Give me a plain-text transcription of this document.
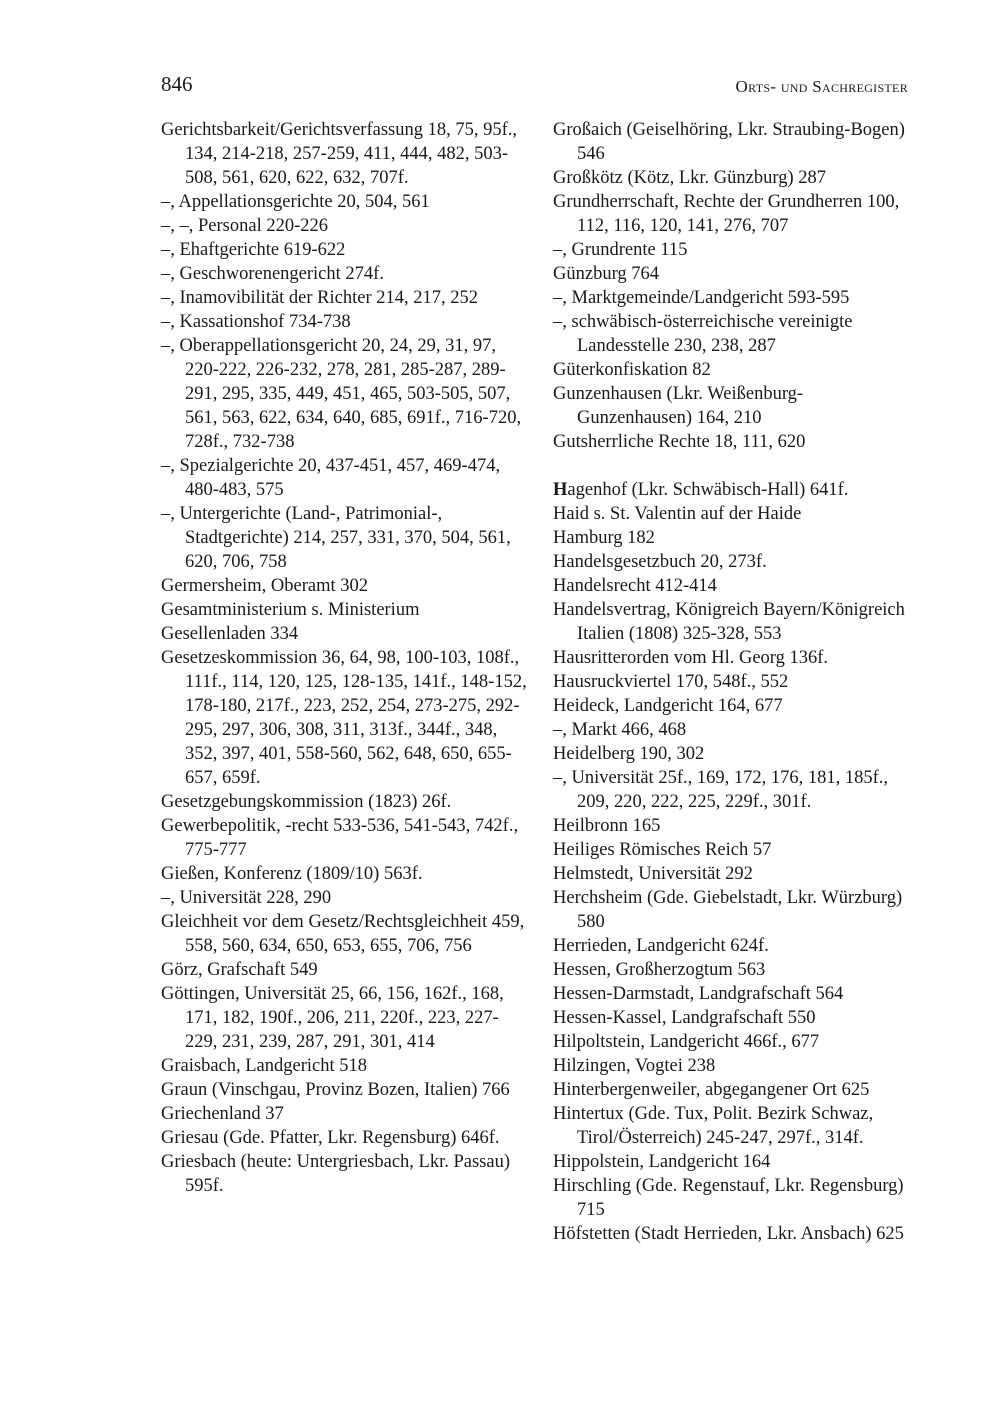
846	Orts- und Sachregister

Gerichtsbarkeit/Gerichtsverfassung 18, 75, 95f., 134, 214-218, 257-259, 411, 444, 482, 503-508, 561, 620, 622, 632, 707f.

–, Appellationsgerichte 20, 504, 561

–, –, Personal 220-226

–, Ehaftgerichte 619-622

–, Geschworenengericht 274f.

–, Inamovibilität der Richter 214, 217, 252

–, Kassationshof 734-738

–, Oberappellationsgericht 20, 24, 29, 31, 97, 220-222, 226-232, 278, 281, 285-287, 289-291, 295, 335, 449, 451, 465, 503-505, 507, 561, 563, 622, 634, 640, 685, 691f., 716-720, 728f., 732-738

–, Spezialgerichte 20, 437-451, 457, 469-474, 480-483, 575

–, Untergerichte (Land-, Patrimonial-, Stadtgerichte) 214, 257, 331, 370, 504, 561, 620, 706, 758

Germersheim, Oberamt 302

Gesamtministerium s. Ministerium

Gesellenladen 334

Gesetzeskommission 36, 64, 98, 100-103, 108f., 111f., 114, 120, 125, 128-135, 141f., 148-152, 178-180, 217f., 223, 252, 254, 273-275, 292-295, 297, 306, 308, 311, 313f., 344f., 348, 352, 397, 401, 558-560, 562, 648, 650, 655-657, 659f.

Gesetzgebungskommission (1823) 26f.

Gewerbepolitik, -recht 533-536, 541-543, 742f., 775-777

Gießen, Konferenz (1809/10) 563f.

–, Universität 228, 290

Gleichheit vor dem Gesetz/Rechtsgleichheit 459, 558, 560, 634, 650, 653, 655, 706, 756

Görz, Grafschaft 549

Göttingen, Universität 25, 66, 156, 162f., 168, 171, 182, 190f., 206, 211, 220f., 223, 227-229, 231, 239, 287, 291, 301, 414

Graisbach, Landgericht 518

Graun (Vinschgau, Provinz Bozen, Italien) 766

Griechenland 37

Griesau (Gde. Pfatter, Lkr. Regensburg) 646f.

Griesbach (heute: Untergriesbach, Lkr. Passau) 595f.

Großaich (Geiselhöring, Lkr. Straubing-Bogen) 546

Großkötz (Kötz, Lkr. Günzburg) 287

Grundherrschaft, Rechte der Grundherren 100, 112, 116, 120, 141, 276, 707

–, Grundrente 115

Günzburg 764

–, Marktgemeinde/Landgericht 593-595

–, schwäbisch-österreichische vereinigte Landesstelle 230, 238, 287

Güterkonfiskation 82

Gunzenhausen (Lkr. Weißenburg-Gunzenhausen) 164, 210

Gutsherrliche Rechte 18, 111, 620

Hagenhof (Lkr. Schwäbisch-Hall) 641f.

Haid s. St. Valentin auf der Haide

Hamburg 182

Handelsgesetzbuch 20, 273f.

Handelsrecht 412-414

Handelsvertrag, Königreich Bayern/Königreich Italien (1808) 325-328, 553

Hausritterorden vom Hl. Georg 136f.

Hausruckviertel 170, 548f., 552

Heideck, Landgericht 164, 677

–, Markt 466, 468

Heidelberg 190, 302

–, Universität 25f., 169, 172, 176, 181, 185f., 209, 220, 222, 225, 229f., 301f.

Heilbronn 165

Heiliges Römisches Reich 57

Helmstedt, Universität 292

Herchsheim (Gde. Giebelstadt, Lkr. Würzburg) 580

Herrieden, Landgericht 624f.

Hessen, Großherzogtum 563

Hessen-Darmstadt, Landgrafschaft 564

Hessen-Kassel, Landgrafschaft 550

Hilpoltstein, Landgericht 466f., 677

Hilzingen, Vogtei 238

Hinterbergenweiler, abgegangener Ort 625

Hintertux (Gde. Tux, Polit. Bezirk Schwaz, Tirol/Österreich) 245-247, 297f., 314f.

Hippolstein, Landgericht 164

Hirschling (Gde. Regenstauf, Lkr. Regensburg) 715

Höfstetten (Stadt Herrieden, Lkr. Ansbach) 625
